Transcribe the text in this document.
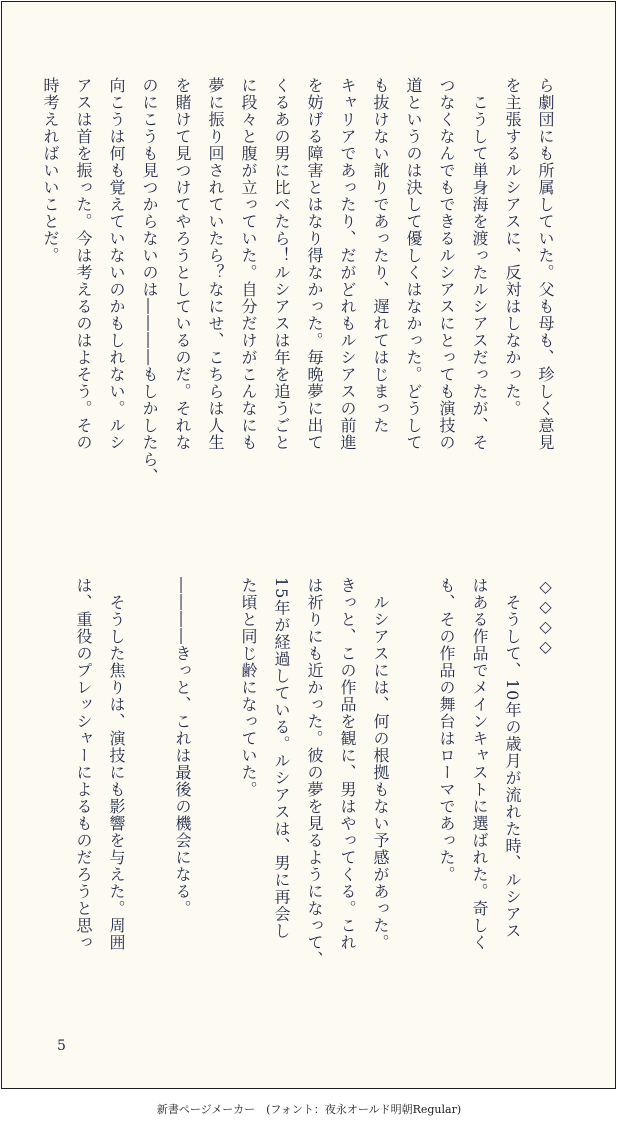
ら劇団にも所属していた。父も母も、珍しく意見
を主張するルシアスに、反対はしなかった。
　こうして単身海を渡ったルシアスだったが、そ
つなくなんでもできるルシアスにとっても演技の
道というのは決して優しくはなかった。どうして
も抜けない訛りであったり、遅れてはじまった
キャリアであったり、だがどれもルシアスの前進
を妨げる障害とはなり得なかった。毎晩夢に出て
くるあの男に比べたら！ルシアスは年を追うごと
に段々と腹が立っていた。自分だけがこんなにも
夢に振り回されていたら？なにせ、こちらは人生
を賭けて見つけてやろうとしているのだ。それな
のにこうも見つからないのは――――もしかしたら、
向こうは何も覚えていないのかもしれない。ルシ
アスは首を振った。今は考えるのはよそう。その
時考えればいいことだ。
◇◇◇◇
　そうして、10年の歳月が流れた時、ルシアス
はある作品でメインキャストに選ばれた。奇しく
も、その作品の舞台はローマであった。
　ルシアスには、何の根拠もない予感があった。
きっと、この作品を観に、男はやってくる。これ
は祈りにも近かった。彼の夢を見るようになって、
15年が経過している。ルシアスは、男に再会し
た頃と同じ齢になっていた。
――――きっと、これは最後の機会になる。
　そうした焦りは、演技にも影響を与えた。周囲
は、重役のプレッシャーによるものだろうと思っ
5
新書ページメーカー　(フォント：夜永オールド明朝Regular)
